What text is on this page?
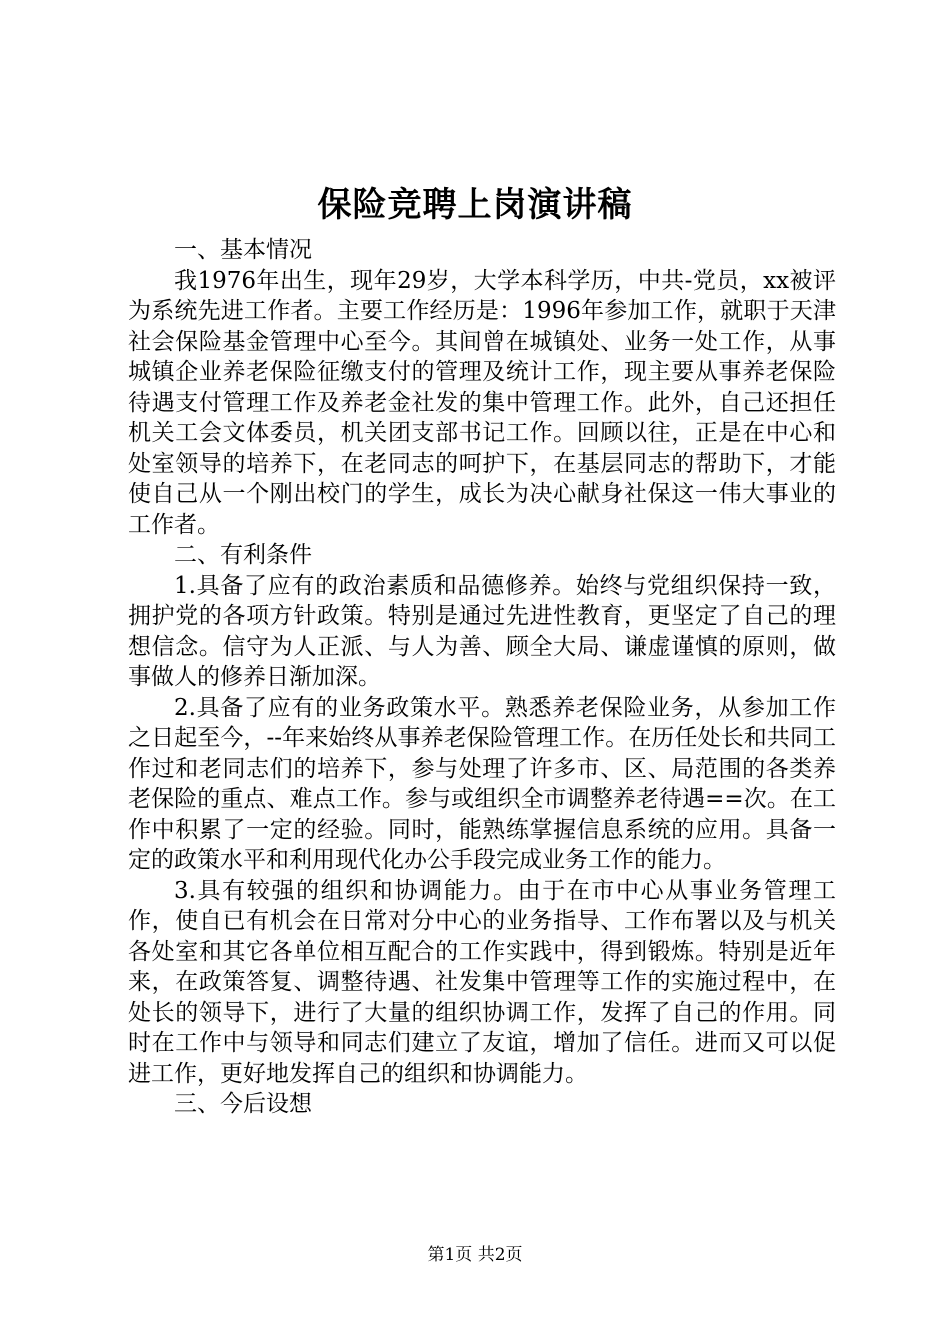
保险竞聘上岗演讲稿

一、基本情况

我1976年出生，现年29岁，大学本科学历，中共-党员，xx被评为系统先进工作者。主要工作经历是：1996年参加工作，就职于天津社会保险基金管理中心至今。其间曾在城镇处、业务一处工作，从事城镇企业养老保险征缴支付的管理及统计工作，现主要从事养老保险待遇支付管理工作及养老金社发的集中管理工作。此外，自己还担任机关工会文体委员，机关团支部书记工作。回顾以往，正是在中心和处室领导的培养下，在老同志的呵护下，在基层同志的帮助下，才能使自己从一个刚出校门的学生，成长为决心献身社保这一伟大事业的工作者。

二、有利条件

1.具备了应有的政治素质和品德修养。始终与党组织保持一致，拥护党的各项方针政策。特别是通过先进性教育，更坚定了自己的理想信念。信守为人正派、与人为善、顾全大局、谦虚谨慎的原则，做事做人的修养日渐加深。

2.具备了应有的业务政策水平。熟悉养老保险业务，从参加工作之日起至今，--年来始终从事养老保险管理工作。在历任处长和共同工作过和老同志们的培养下，参与处理了许多市、区、局范围的各类养老保险的重点、难点工作。参与或组织全市调整养老待遇==次。在工作中积累了一定的经验。同时，能熟练掌握信息系统的应用。具备一定的政策水平和利用现代化办公手段完成业务工作的能力。

3.具有较强的组织和协调能力。由于在市中心从事业务管理工作，使自已有机会在日常对分中心的业务指导、工作布署以及与机关各处室和其它各单位相互配合的工作实践中，得到锻炼。特别是近年来，在政策答复、调整待遇、社发集中管理等工作的实施过程中，在处长的领导下，进行了大量的组织协调工作，发挥了自己的作用。同时在工作中与领导和同志们建立了友谊，增加了信任。进而又可以促进工作，更好地发挥自己的组织和协调能力。

三、今后设想

第1页 共2页
